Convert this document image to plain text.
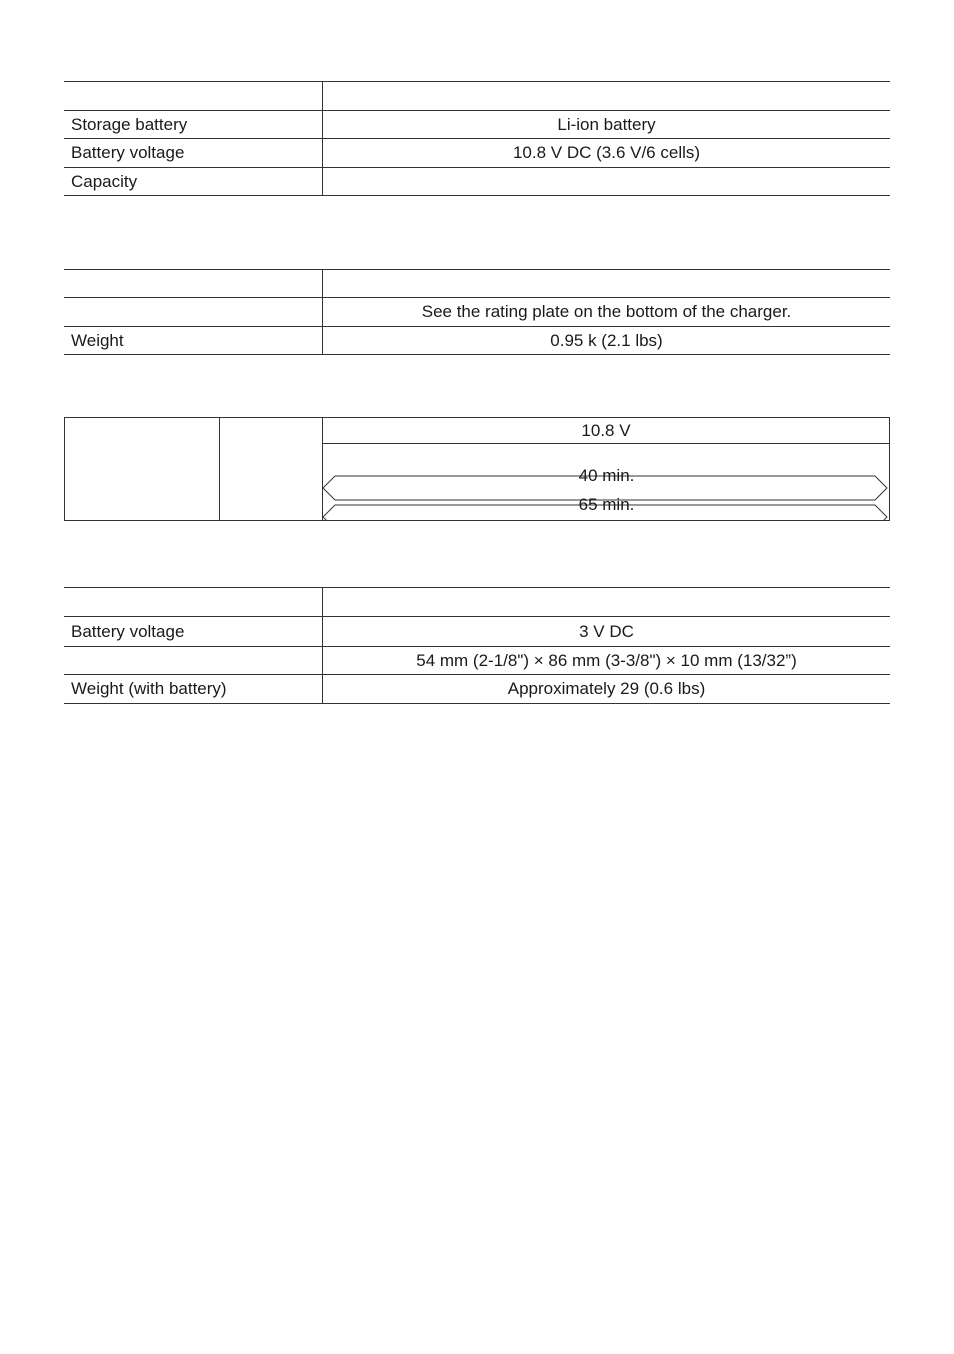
Storage battery	Li-ion battery
Battery voltage	10.8 V DC (3.6 V/6 cells)
Capacity
See the rating plate on the bottom of the charger.
Weight	0.95 k (2.1 lbs)
10.8 V
40 min.
65 min.
Battery voltage	3 V DC
54 mm (2-1/8") × 86 mm (3-3/8") × 10 mm (13/32”)
Weight (with battery)	Approximately 29 (0.6 lbs)
